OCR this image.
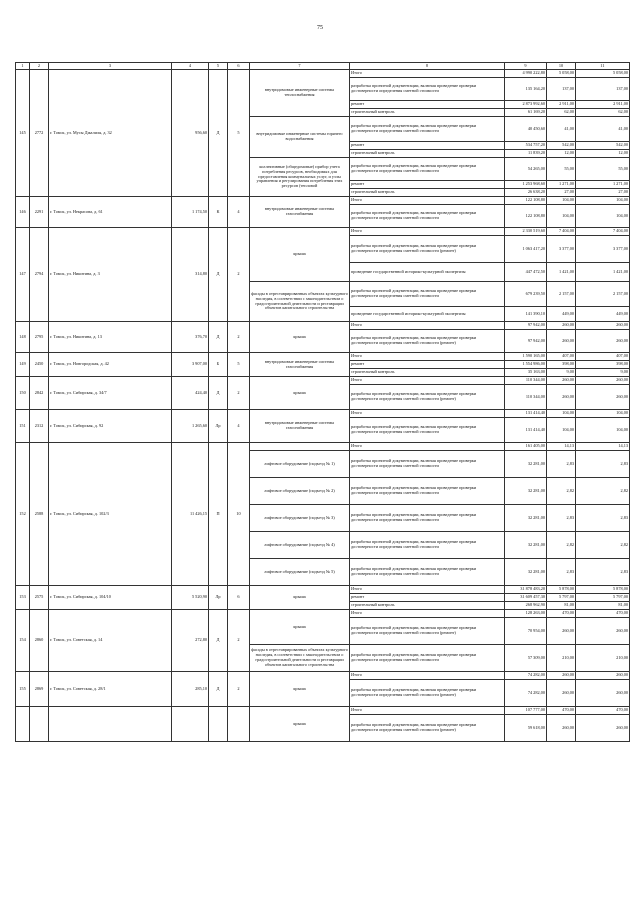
75
1	2	3	4	5	6	7	8	9	10	11
145	2772	г. Томск, ул. Мусы Джалиля, д. 32	956,60	Д	5	внутридомовые инженерные системы теплоснабжения	Итого	4 990 222,80	5 058,00	5 058,00
							разработка проектной документации, включая проведение проверки достоверности определения сметной стоимости	135 164,20	137,00	137,00
							ремонт	2 873 992,60	2 911,00	2 911,00
							строительный контроль	61 169,20	62,00	62,00
						внутридомовые инженерные системы горячего водоснабжения	разработка проектной документации, включая проведение проверки достоверности определения сметной стоимости	40 450,60	41,00	41,00
							ремонт	534 757,20	542,00	542,00
							строительный контроль	11 839,20	12,00	12,00
						коллективные (общедомовые) прибор учета потребления ресурсов, необходимых для предоставления коммунальных услуг, и узлы управления и регулирования потребления этих ресурсов (тепловой	разработка проектной документации, включая проведение проверки достоверности определения сметной стоимости	54 265,00	55,00	55,00
							ремонт	1 253 968,60	1 271,00	1 271,00
							строительный контроль	26 638,20	27,00	27,00
146	2291	г. Томск, ул. Некрасова, д. 61	1 174,50	К	4	внутридомовые инженерные системы газоснабжения	Итого	122 108,80	104,00	104,00
							разработка проектной документации, включая проведение проверки достоверности определения сметной стоимости	122 108,80	104,00	104,00
147	2794	г. Томск, ул. Никитина, д. 3	314,80	Д	2	крыша	Итого	2 330 519,60	7 404,00	7 404,00
							разработка проектной документации, включая проведение проверки достоверности определения сметной стоимости (ремонт)	1 063 417,20	3 377,00	3 377,00
							проведение государственной историко-культурной экспертизы	447 472,50	1 421,00	1 421,00
						фасады в отреставрированных объектах культурного наследия, в соответствии с законодательством о градостроительной деятельности и реставрации объектов капитального строительства	разработка проектной документации, включая проведение проверки достоверности определения сметной стоимости	679 239,50	2 157,00	2 157,00
							проведение государственной историко-культурной экспертизы	141 390,10	449,00	449,00
148	2795	г. Томск, ул. Никитина, д. 13	376,70	Д	2	крыша	Итого	97 942,00	260,00	260,00
							разработка проектной документации, включая проведение проверки достоверности определения сметной стоимости (ремонт)	97 942,00	260,00	260,00
149	2450	г. Томск, ул. Новгородская, д. 42	3 907,00	Б	5	внутридомовые инженерные системы газоснабжения	Итого	1 590 165,00	407,00	407,00
							ремонт	1 554 986,00	398,00	398,00
							строительный контроль	35 163,00	9,00	9,00
150	2842	г. Томск, ул. Сибирская, д. 34/7	424,40	Д	2	крыша	Итого	110 344,00	260,00	260,00
							разработка проектной документации, включая проведение проверки достоверности определения сметной стоимости (ремонт)	110 344,00	260,00	260,00
151	2312	г. Томск, ул. Сибирская, д. 92	1 265,60	Лр	4	внутридомовые инженерные системы газоснабжения	Итого	131 414,40	104,00	104,00
							разработка проектной документации, включая проведение проверки достоверности определения сметной стоимости	131 414,40	104,00	104,00
152	2588	г. Томск, ул. Сибирская, д. 102/3	11 426,15	П	10		Итого	161 405,00	14,13	14,13
						лифтовое оборудование (подъезд № 1)	разработка проектной документации, включая проведение проверки достоверности определения сметной стоимости	32 281,00	2,83	2,83
						лифтовое оборудование (подъезд № 2)	разработка проектной документации, включая проведение проверки достоверности определения сметной стоимости	32 281,00	2,82	2,82
						лифтовое оборудование (подъезд № 3)	разработка проектной документации, включая проведение проверки достоверности определения сметной стоимости	32 281,00	2,83	2,83
						лифтовое оборудование (подъезд № 4)	разработка проектной документации, включая проведение проверки достоверности определения сметной стоимости	32 281,00	2,82	2,82
						лифтовое оборудование (подъезд № 5)	разработка проектной документации, включая проведение проверки достоверности определения сметной стоимости	32 281,00	2,83	2,83
153	2575	г. Томск, ул. Сибирская, д. 104/10	5 520,90	Лр	6	крыша	Итого	31 878 483,20	5 878,00	5 878,00
							ремонт	31 609 457,30	5 797,00	5 797,00
							строительный контроль	268 962,90	81,00	81,00
154	2860	г. Томск, ул. Советская, д. 14	272,80	Д	2	крыша	Итого	128 263,00	470,00	470,00
							разработка проектной документации, включая проведение проверки достоверности определения сметной стоимости (ремонт)	70 954,00	260,00	260,00
						фасады в отреставрированных объектах культурного наследия, в соответствии с законодательством о градостроительной деятельности и реставрации объектов капитального строительства	разработка проектной документации, включая проведение проверки достоверности определения сметной стоимости	57 309,00	210,00	210,00
155	2869	г. Томск, ул. Советская, д. 28/1	285,10	Д	2	крыша	Итого	74 282,00	260,00	260,00
							разработка проектной документации, включая проведение проверки достоверности определения сметной стоимости (ремонт)	74 282,00	260,00	260,00
						крыша	Итого	107 777,00	470,00	470,00
							разработка проектной документации, включая проведение проверки достоверности определения сметной стоимости (ремонт)	59 618,00	260,00	260,00
